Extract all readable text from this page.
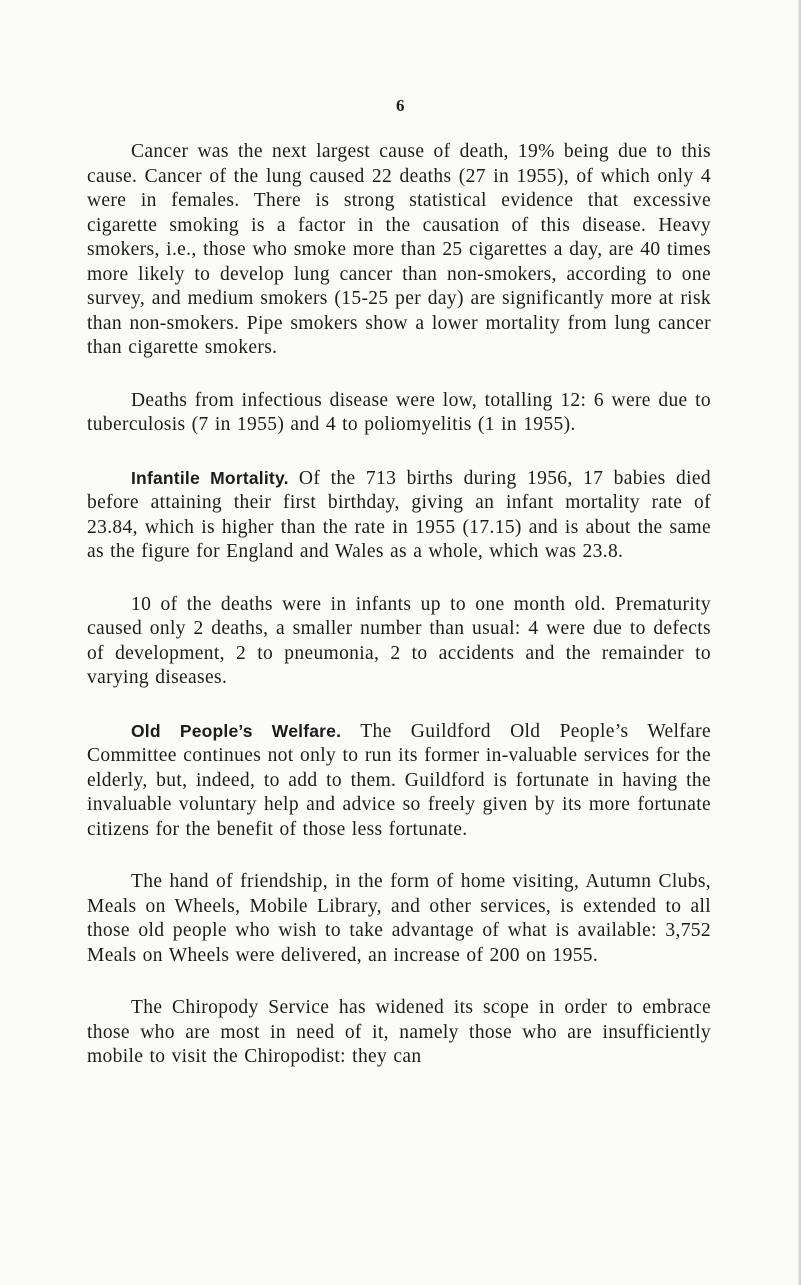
6

Cancer was the next largest cause of death, 19% being due to this cause. Cancer of the lung caused 22 deaths (27 in 1955), of which only 4 were in females. There is strong statistical evidence that excessive cigarette smoking is a factor in the causation of this disease. Heavy smokers, i.e., those who smoke more than 25 cigarettes a day, are 40 times more likely to develop lung cancer than non-smokers, according to one survey, and medium smokers (15-25 per day) are significantly more at risk than non-smokers. Pipe smokers show a lower mortality from lung cancer than cigarette smokers.

Deaths from infectious disease were low, totalling 12: 6 were due to tuberculosis (7 in 1955) and 4 to poliomyelitis (1 in 1955).

Infantile Mortality. Of the 713 births during 1956, 17 babies died before attaining their first birthday, giving an infant mortality rate of 23.84, which is higher than the rate in 1955 (17.15) and is about the same as the figure for England and Wales as a whole, which was 23.8.

10 of the deaths were in infants up to one month old. Prematurity caused only 2 deaths, a smaller number than usual: 4 were due to defects of development, 2 to pneumonia, 2 to accidents and the remainder to varying diseases.

Old People’s Welfare. The Guildford Old People’s Welfare Committee continues not only to run its former in-valuable services for the elderly, but, indeed, to add to them. Guildford is fortunate in having the invaluable voluntary help and advice so freely given by its more fortunate citizens for the benefit of those less fortunate.

The hand of friendship, in the form of home visiting, Autumn Clubs, Meals on Wheels, Mobile Library, and other services, is extended to all those old people who wish to take advantage of what is available: 3,752 Meals on Wheels were delivered, an increase of 200 on 1955.

The Chiropody Service has widened its scope in order to embrace those who are most in need of it, namely those who are insufficiently mobile to visit the Chiropodist: they can
